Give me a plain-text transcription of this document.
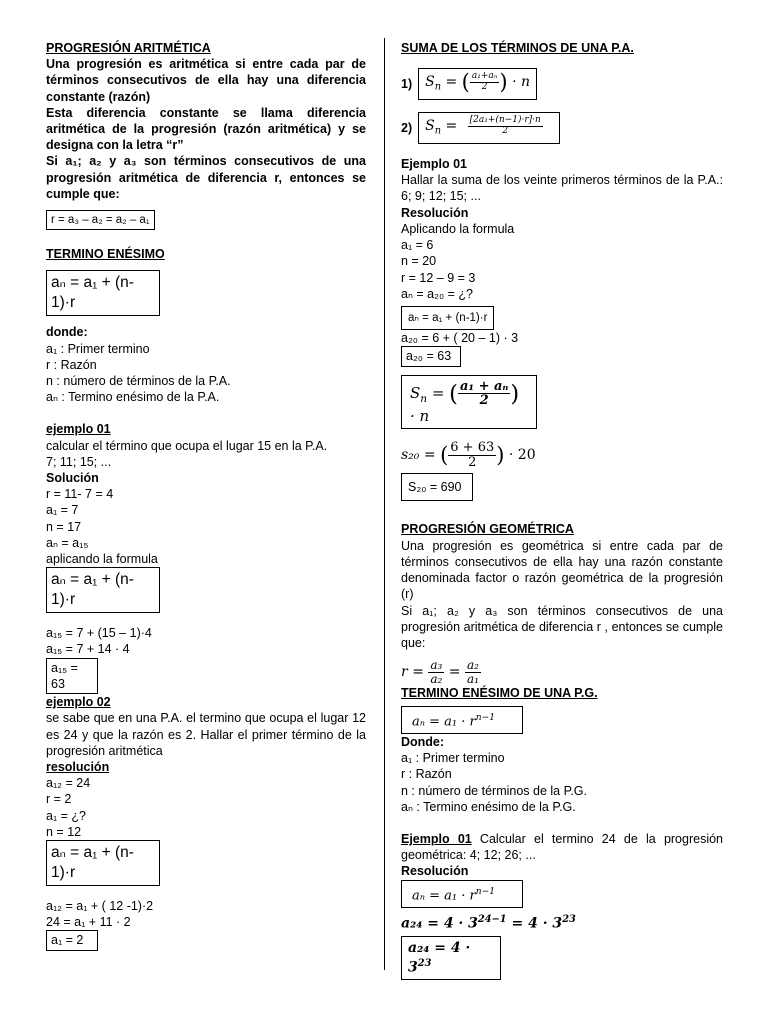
PROGRESIÓN ARITMÉTICA
Una progresión es aritmética si entre cada par de términos consecutivos de ella hay una diferencia constante (razón)
Esta diferencia constante se llama diferencia aritmética de la progresión (razón aritmética) y se designa con la letra “r”
Si a₁; a₂ y a₃ son términos consecutivos de una progresión aritmética de diferencia r, entonces se cumple que:
r = a₃ – a₂ = a₂ – a₁
TERMINO ENÉSIMO
aₙ = a₁ + (n-1)·r
donde:
a₁ : Primer termino
r : Razón
n : número de términos de la P.A.
aₙ : Termino enésimo de la P.A.
ejemplo 01
calcular el término que ocupa el lugar 15 en la P.A.
7; 11; 15; ...
Solución
r = 11- 7 = 4
a₁ = 7
n = 17
aₙ = a₁₅
aplicando la formula
aₙ = a₁ + (n-1)·r
a₁₅ = 7 + (15 – 1)·4
a₁₅ = 7 + 14 · 4
a₁₅ = 63
ejemplo 02
se sabe que en una P.A. el termino que ocupa el lugar 12 es 24 y que la razón es 2. Hallar el primer término de la progresión aritmética
resolución
a₁₂ = 24
r = 2
a₁ = ¿?
n = 12
aₙ = a₁ + (n-1)·r
a₁₂ = a₁ + ( 12 -1)·2
24 = a₁ + 11 · 2
a₁ = 2
SUMA DE LOS TÉRMINOS DE UNA P.A.
1) $S_n$ = ( $\frac{\text{a₁+aₙ}}{2}$ ) · n
2) $S_n = \frac{\text{[2a₁+(n−1)·r]·n}}{2}$
Ejemplo 01
Hallar la suma de los veinte primeros términos de la P.A.: 6; 9; 12; 15; ...
Resolución
Aplicando la formula
a₁ = 6
n = 20
r = 12 – 9 = 3
aₙ = a₂₀ = ¿?
aₙ = a₁ + (n-1)·r
a₂₀ = 6 + ( 20 – 1) · 3
a₂₀ = 63
$S_n$ = ( $\frac{\text{a₁ + aₙ}}{2}$ ) · n
s₂₀ = ( $\frac{6 + 63}{2}$ ) · 20
S₂₀ = 690
PROGRESIÓN GEOMÉTRICA
Una progresión es geométrica si entre cada par de términos consecutivos de ella hay una razón constante denominada factor o razón geométrica de la progresión (r)
Si a₁; a₂ y a₃ son términos consecutivos de una progresión aritmética de diferencia r , entonces se cumple que:
$r = \frac{\text{a₃}}{\text{a₂}} = \frac{\text{a₂}}{\text{a₁}}$
TERMINO ENÉSIMO DE UNA P.G.
$a_n = a_1 \cdot r^{n-1}$
Donde:
a₁ : Primer termino
r : Razón
n : número de términos de la P.G.
aₙ : Termino enésimo de la P.G.
Ejemplo 01 Calcular el termino 24 de la progresión geométrica: 4; 12; 26; ...
Resolución
$a_n = a_1 \cdot r^{n-1}$
$a_{24} = 4 \cdot 3^{24-1} = 4 \cdot 3^{23}$
$a_{24} = 4 \cdot 3^{23}$
